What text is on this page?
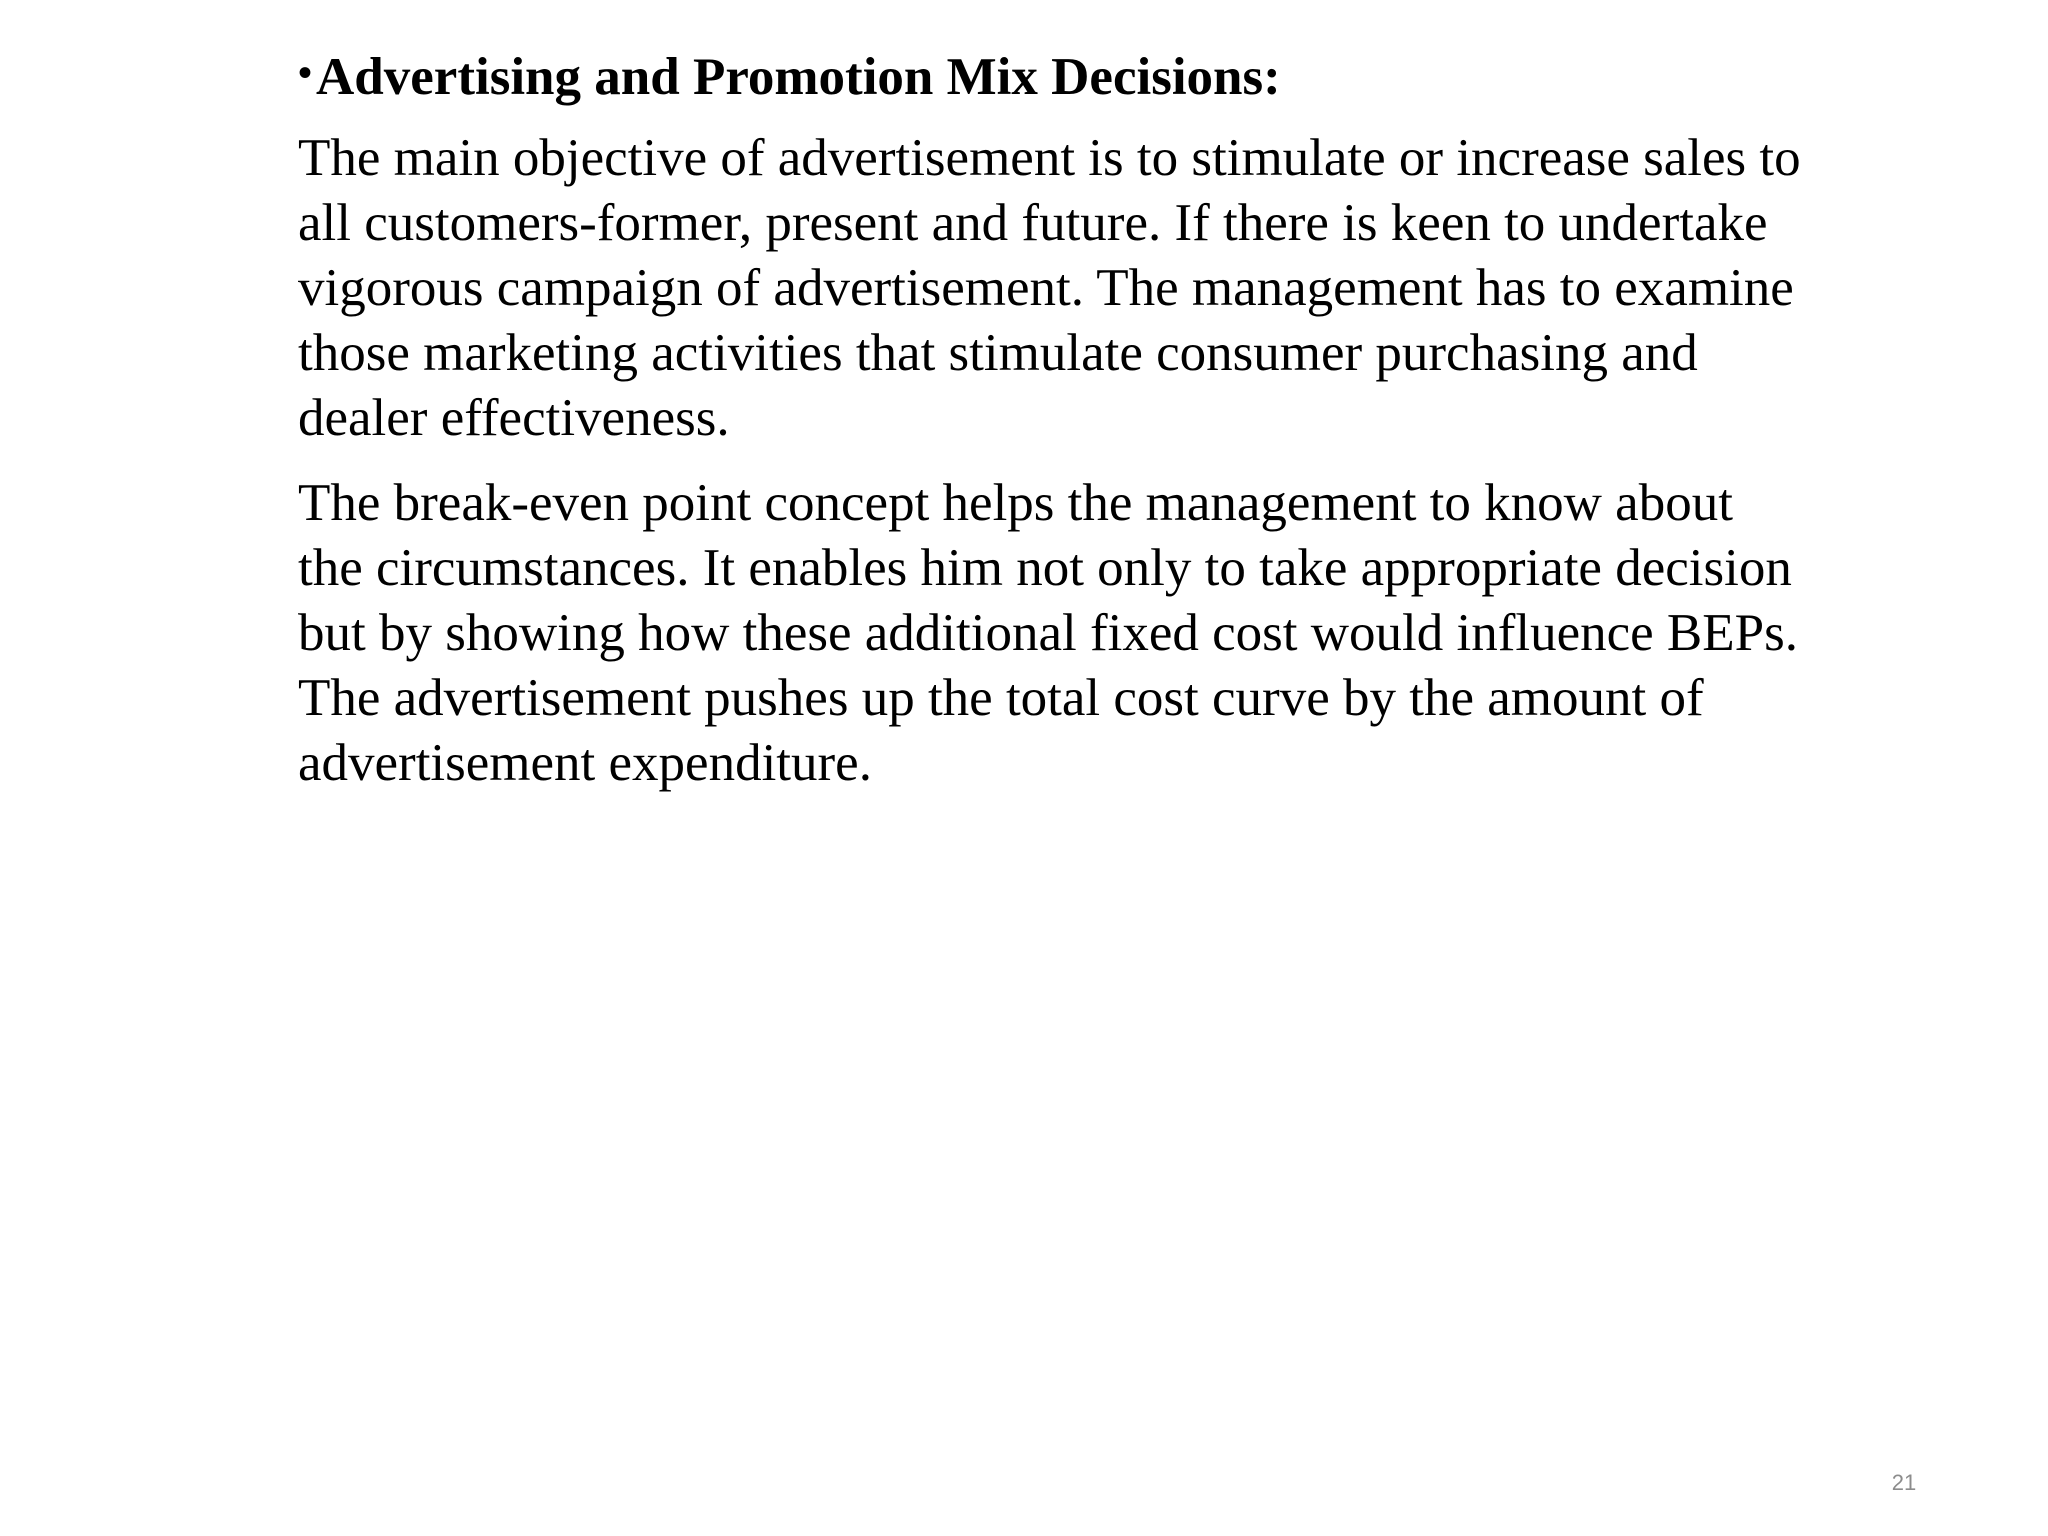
• Advertising and Promotion Mix Decisions:

The main objective of advertisement is to stimulate or increase sales to
all customers-former, present and future. If there is keen to undertake
vigorous campaign of advertisement. The management has to examine
those marketing activities that stimulate consumer purchasing and
dealer effectiveness.

The break-even point concept helps the management to know about
the circumstances. It enables him not only to take appropriate decision
but by showing how these additional fixed cost would influence BEPs.
The advertisement pushes up the total cost curve by the amount of
advertisement expenditure.

21
